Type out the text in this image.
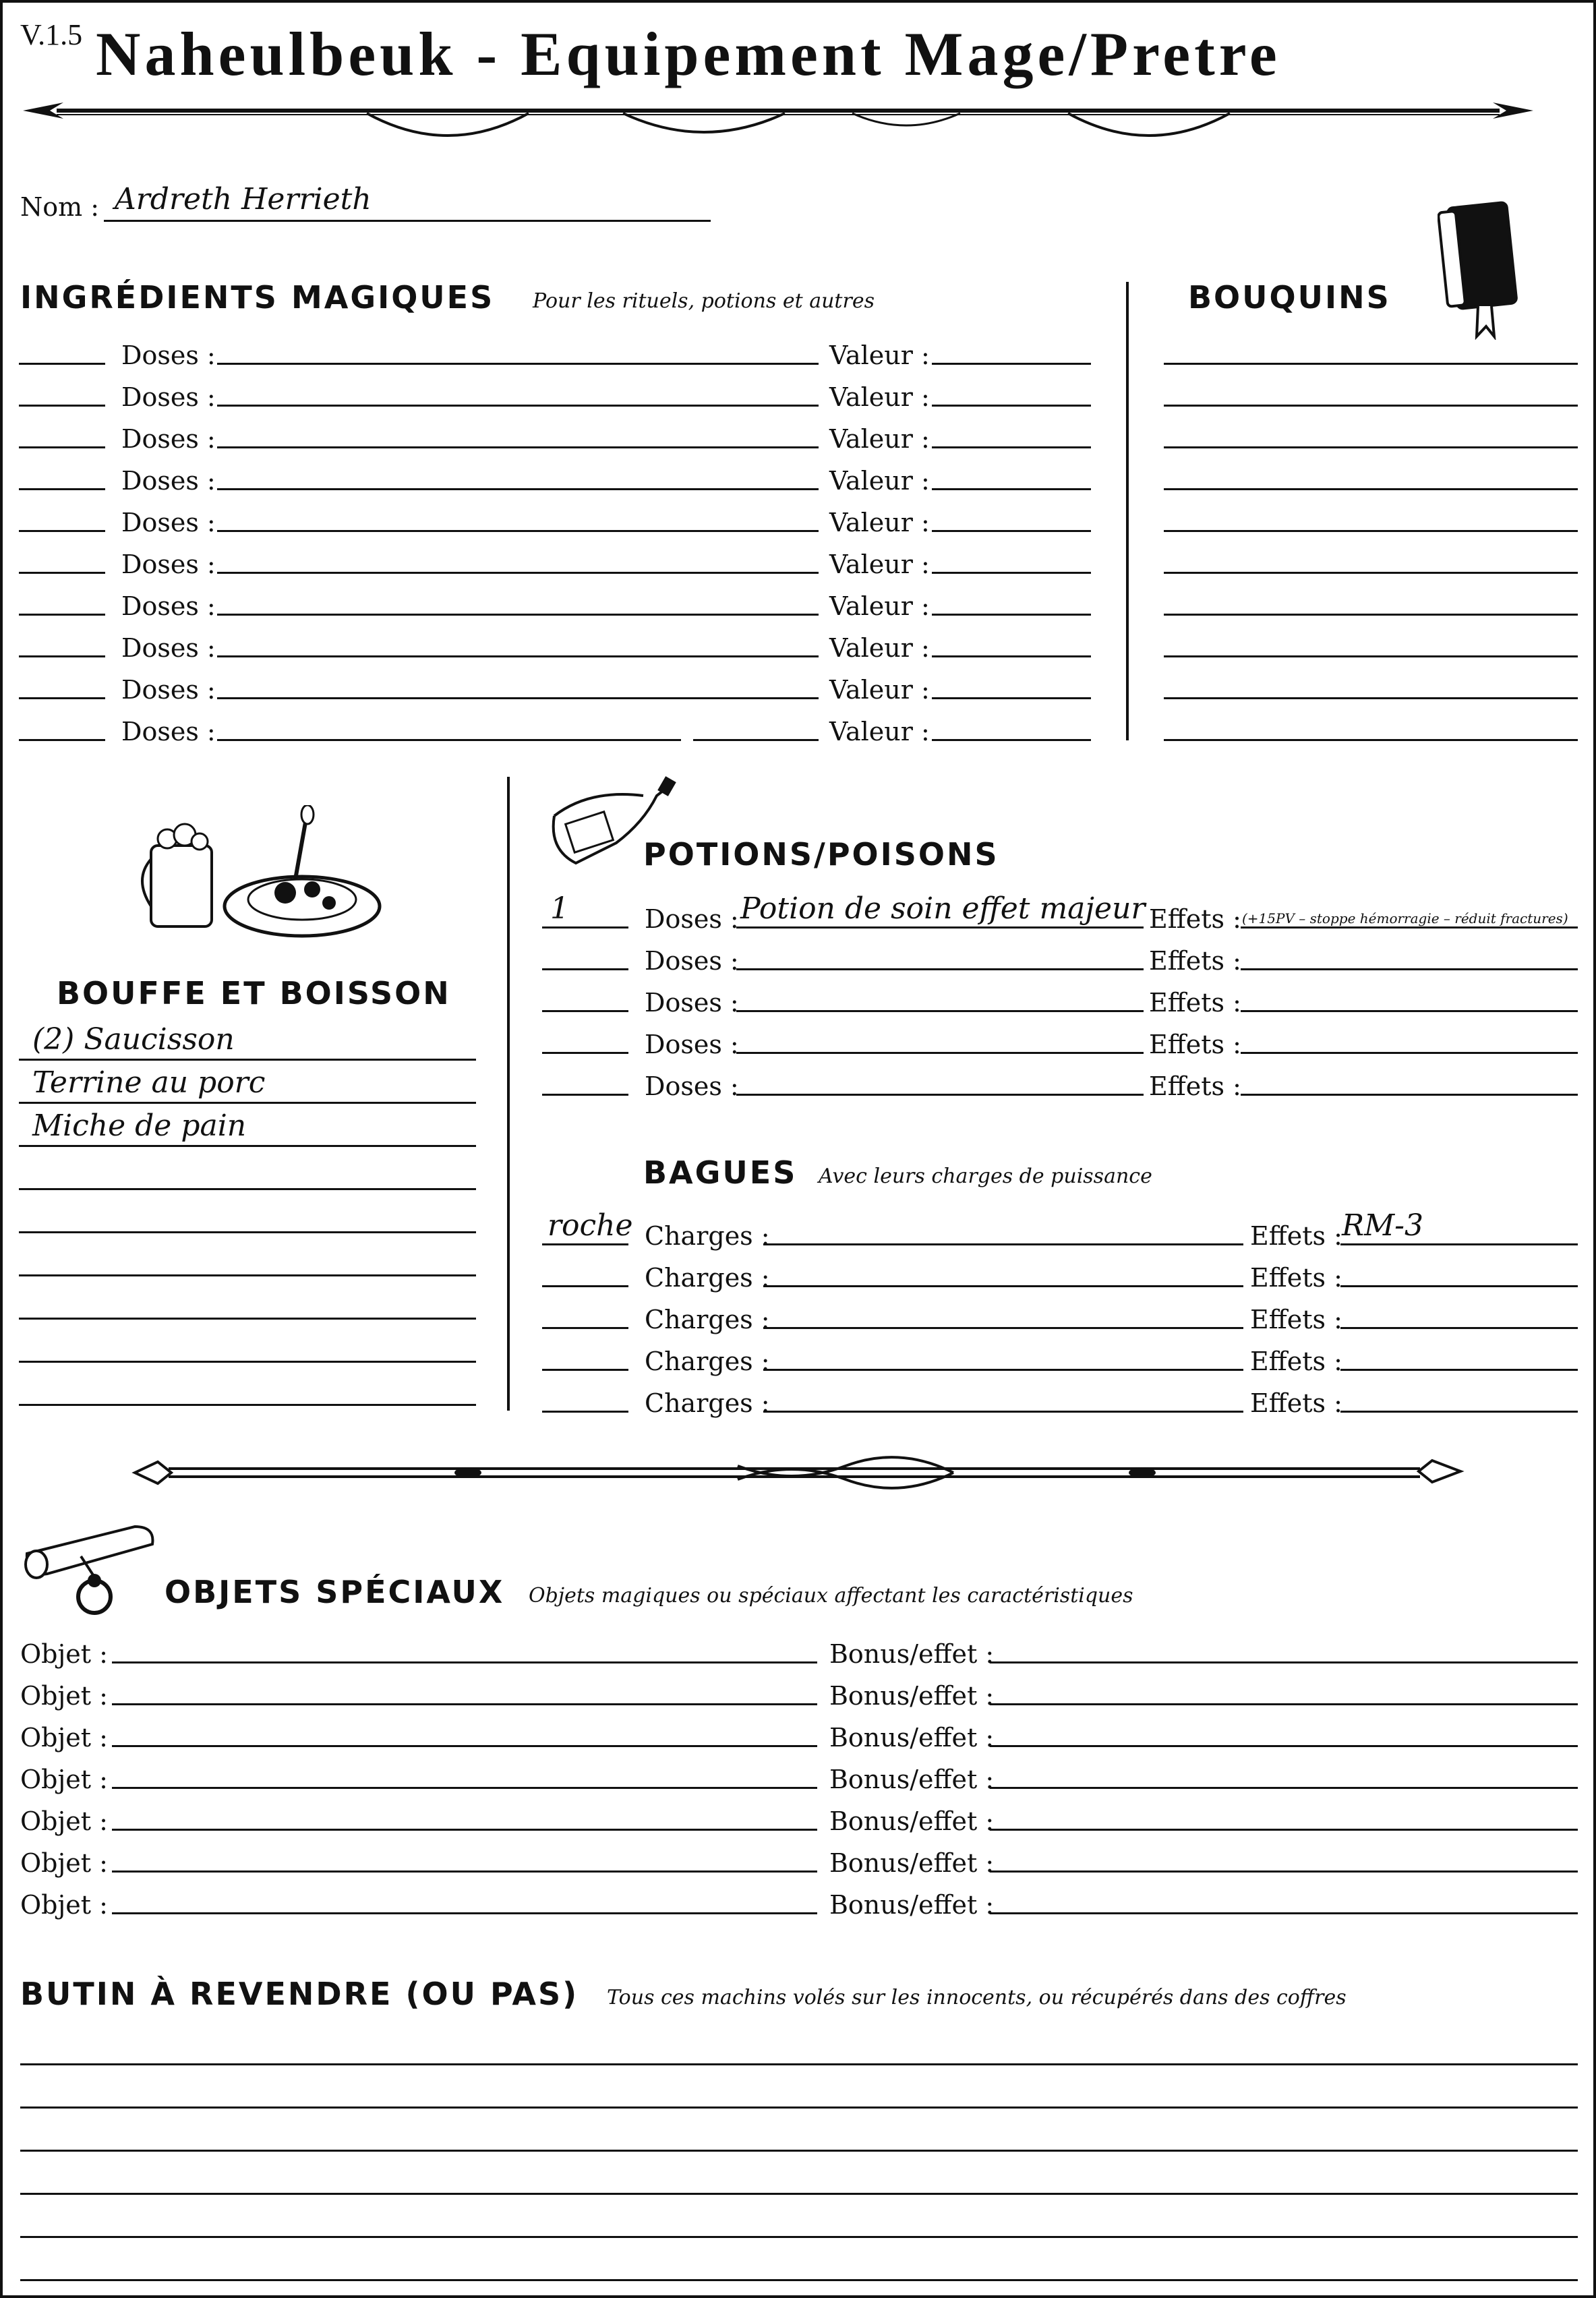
V.1.5 Naheulbeuk - Equipement Mage/Pretre
Nom : Ardreth Herrieth
INGRÉDIENTS MAGIQUES Pour les rituels, potions et autres
Doses :	Valeur :
Doses :	Valeur :
Doses :	Valeur :
Doses :	Valeur :
Doses :	Valeur :
Doses :	Valeur :
Doses :	Valeur :
Doses :	Valeur :
Doses :	Valeur :
Doses :	Valeur :
BOUQUINS
BOUFFE ET BOISSON
(2) Saucisson
Terrine au porc
Miche de pain
POTIONS/POISONS
1	Doses : Potion de soin effet majeur Effets : (+15PV – stoppe hémorragie – réduit fractures)
Doses :	Effets :
Doses :	Effets :
Doses :	Effets :
Doses :	Effets :
BAGUES Avec leurs charges de puissance
roche Charges :	Effets : RM-3
Charges :	Effets :
Charges :	Effets :
Charges :	Effets :
Charges :	Effets :
OBJETS SPÉCIAUX Objets magiques ou spéciaux affectant les caractéristiques
Objet :	Bonus/effet :
Objet :	Bonus/effet :
Objet :	Bonus/effet :
Objet :	Bonus/effet :
Objet :	Bonus/effet :
Objet :	Bonus/effet :
Objet :	Bonus/effet :
BUTIN À REVENDRE (OU PAS) Tous ces machins volés sur les innocents, ou récupérés dans des coffres
